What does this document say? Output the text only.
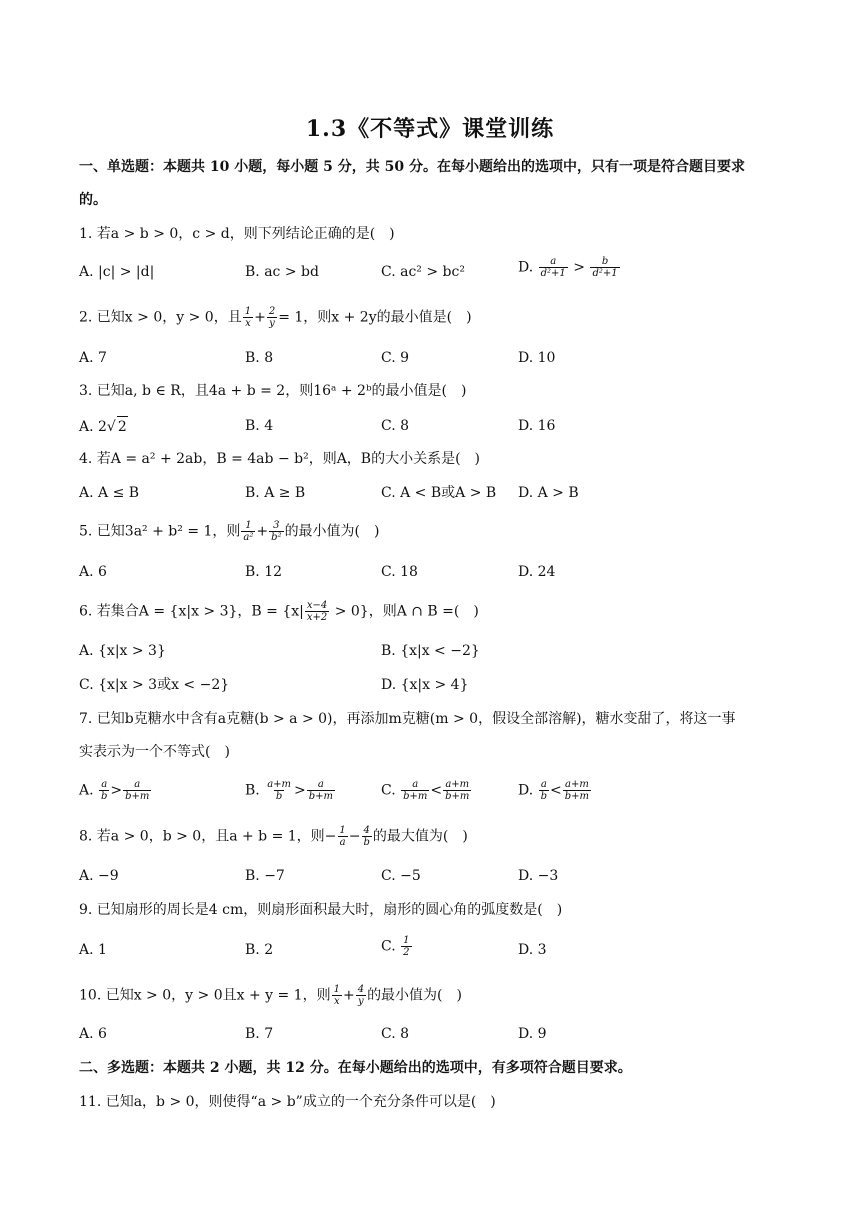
1.3《不等式》课堂训练
一、单选题：本题共 10 小题，每小题 5 分，共 50 分。在每小题给出的选项中，只有一项是符合题目要求
的。
1. 若a > b > 0，c > d，则下列结论正确的是(　)
A. |c| > |d|	B. ac > bd	C. ac² > bc²	D. $\frac{a}{\text{d²+1}} > \frac{b}{\text{d²+1}}$
2. 已知x > 0，y > 0，且 $\frac{1}{x} + \frac{2}{y} = 1$，则x + 2y的最小值是(　)
A. 7	B. 8	C. 9	D. 10
3. 已知a, b ∈ R，且4a + b = 2，则16ᵃ + 2ᵇ的最小值是(　)
A. 2√ 2	B. 4	C. 8	D. 16
4. 若A = a² + 2ab，B = 4ab − b²，则A，B的大小关系是(　)
A. A ≤ B	B. A ≥ B	C. A < B或A > B D. A > B
5. 已知3a² + b² = 1，则 $\frac{1}{\text{a²}} + \frac{3}{\text{b²}}$ 的最小值为(　)
A. 6	B. 12	C. 18	D. 24
6. 若集合A = {x|x > 3}，$B = \{x| \frac{x-4}{x+2} > 0\}$，则A ∩ B =(　)
A. {x|x > 3}	B. {x|x < −2}
C. {x|x > 3或x < −2}	D. {x|x > 4}
7. 已知b克糖水中含有a克糖(b > a > 0)，再添加m克糖(m > 0，假设全部溶解)，糖水变甜了，将这一事
实表示为一个不等式(　)
A. $\frac{a}{b} > \frac{a}{b+m}$	B. $\frac{a+m}{b} > \frac{a}{b+m}$	C. $\frac{a}{b+m} < \frac{a+m}{b+m}$	D. $\frac{a}{b} < \frac{a+m}{b+m}$
8. 若a > 0，b > 0，且a + b = 1，则− $\frac{1}{a} - \frac{4}{b}$ 的最大值为(　)
A. −9	B. −7	C. −5	D. −3
9. 已知扇形的周长是4 cm，则扇形面积最大时，扇形的圆心角的弧度数是(　)
A. 1	B. 2	C. $\frac{1}{2}$	D. 3
10. 已知x > 0，y > 0且x + y = 1，则 $\frac{1}{x} + \frac{4}{y}$ 的最小值为(　)
A. 6	B. 7	C. 8	D. 9
二、多选题：本题共 2 小题，共 12 分。在每小题给出的选项中，有多项符合题目要求。
11. 已知a，b > 0，则使得“a > b”成立的一个充分条件可以是(　)
